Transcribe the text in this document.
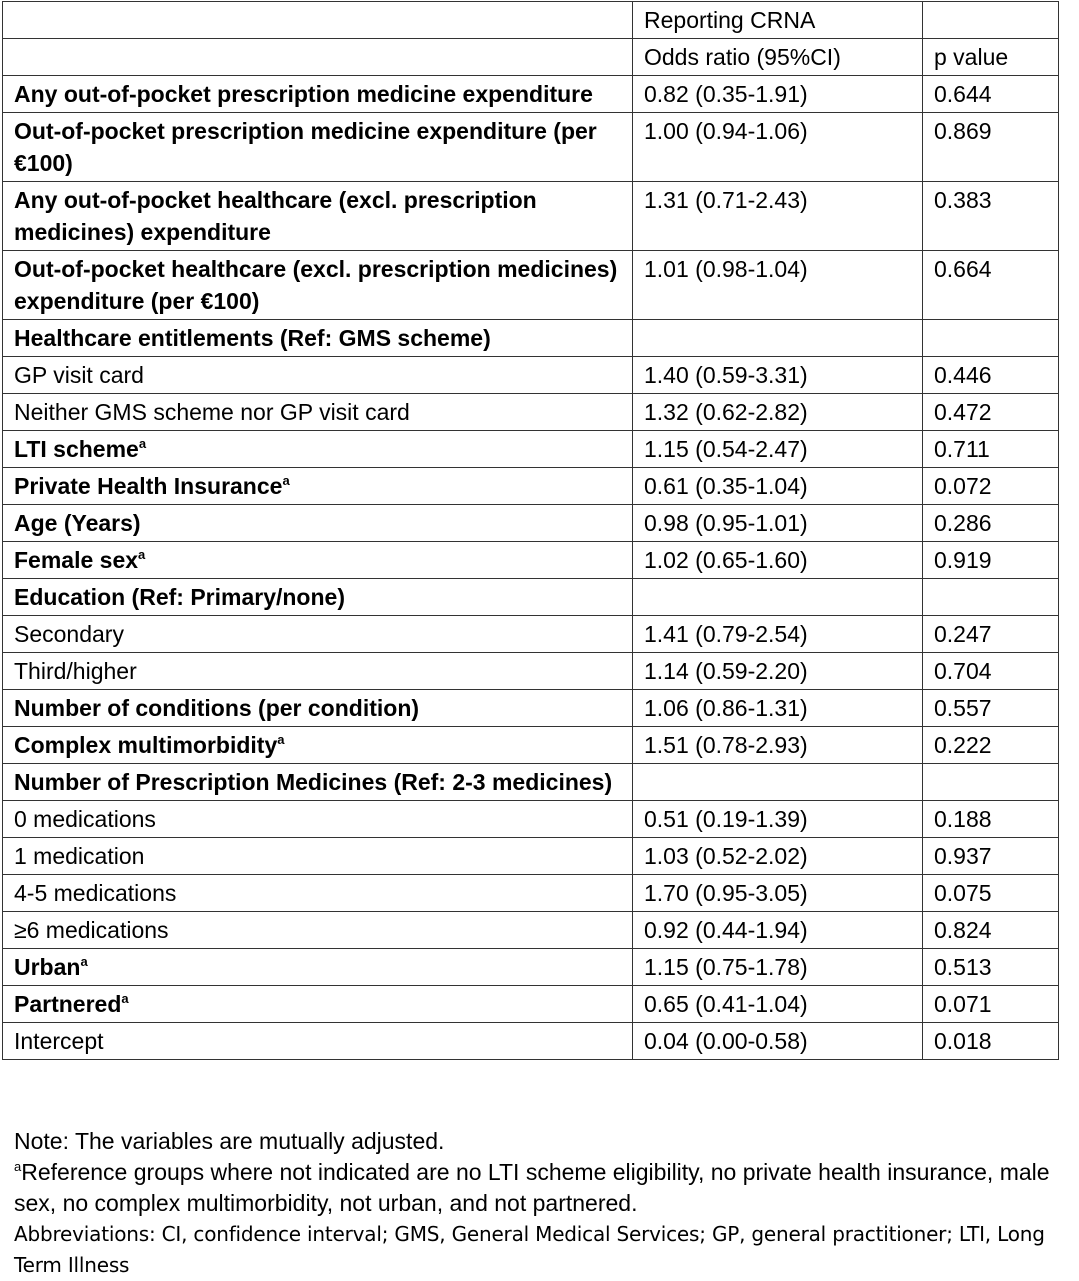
	Reporting CRNA	
	Odds ratio (95%CI)	p value
Any out-of-pocket prescription medicine expenditure	0.82 (0.35-1.91)	0.644
Out-of-pocket prescription medicine expenditure (per €100)	1.00 (0.94-1.06)	0.869
Any out-of-pocket healthcare (excl. prescription medicines) expenditure	1.31 (0.71-2.43)	0.383
Out-of-pocket healthcare (excl. prescription medicines) expenditure (per €100)	1.01 (0.98-1.04)	0.664
Healthcare entitlements (Ref: GMS scheme)		
GP visit card	1.40 (0.59-3.31)	0.446
Neither GMS scheme nor GP visit card	1.32 (0.62-2.82)	0.472
LTI scheme$^a$	1.15 (0.54-2.47)	0.711
Private Health Insurance$^a$	0.61 (0.35-1.04)	0.072
Age (Years)	0.98 (0.95-1.01)	0.286
Female sex$^a$	1.02 (0.65-1.60)	0.919
Education (Ref: Primary/none)		
Secondary	1.41 (0.79-2.54)	0.247
Third/higher	1.14 (0.59-2.20)	0.704
Number of conditions (per condition)	1.06 (0.86-1.31)	0.557
Complex multimorbidity$^a$	1.51 (0.78-2.93)	0.222
Number of Prescription Medicines (Ref: 2-3 medicines)		
0 medications	0.51 (0.19-1.39)	0.188
1 medication	1.03 (0.52-2.02)	0.937
4-5 medications	1.70 (0.95-3.05)	0.075
≥6 medications	0.92 (0.44-1.94)	0.824
Urban$^a$	1.15 (0.75-1.78)	0.513
Partnered$^a$	0.65 (0.41-1.04)	0.071
Intercept	0.04 (0.00-0.58)	0.018
Note: The variables are mutually adjusted.
$^a$Reference groups where not indicated are no LTI scheme eligibility, no private health insurance, male sex, no complex multimorbidity, not urban, and not partnered.
Abbreviations: CI, confidence interval; GMS, General Medical Services; GP, general practitioner; LTI, Long Term Illness
